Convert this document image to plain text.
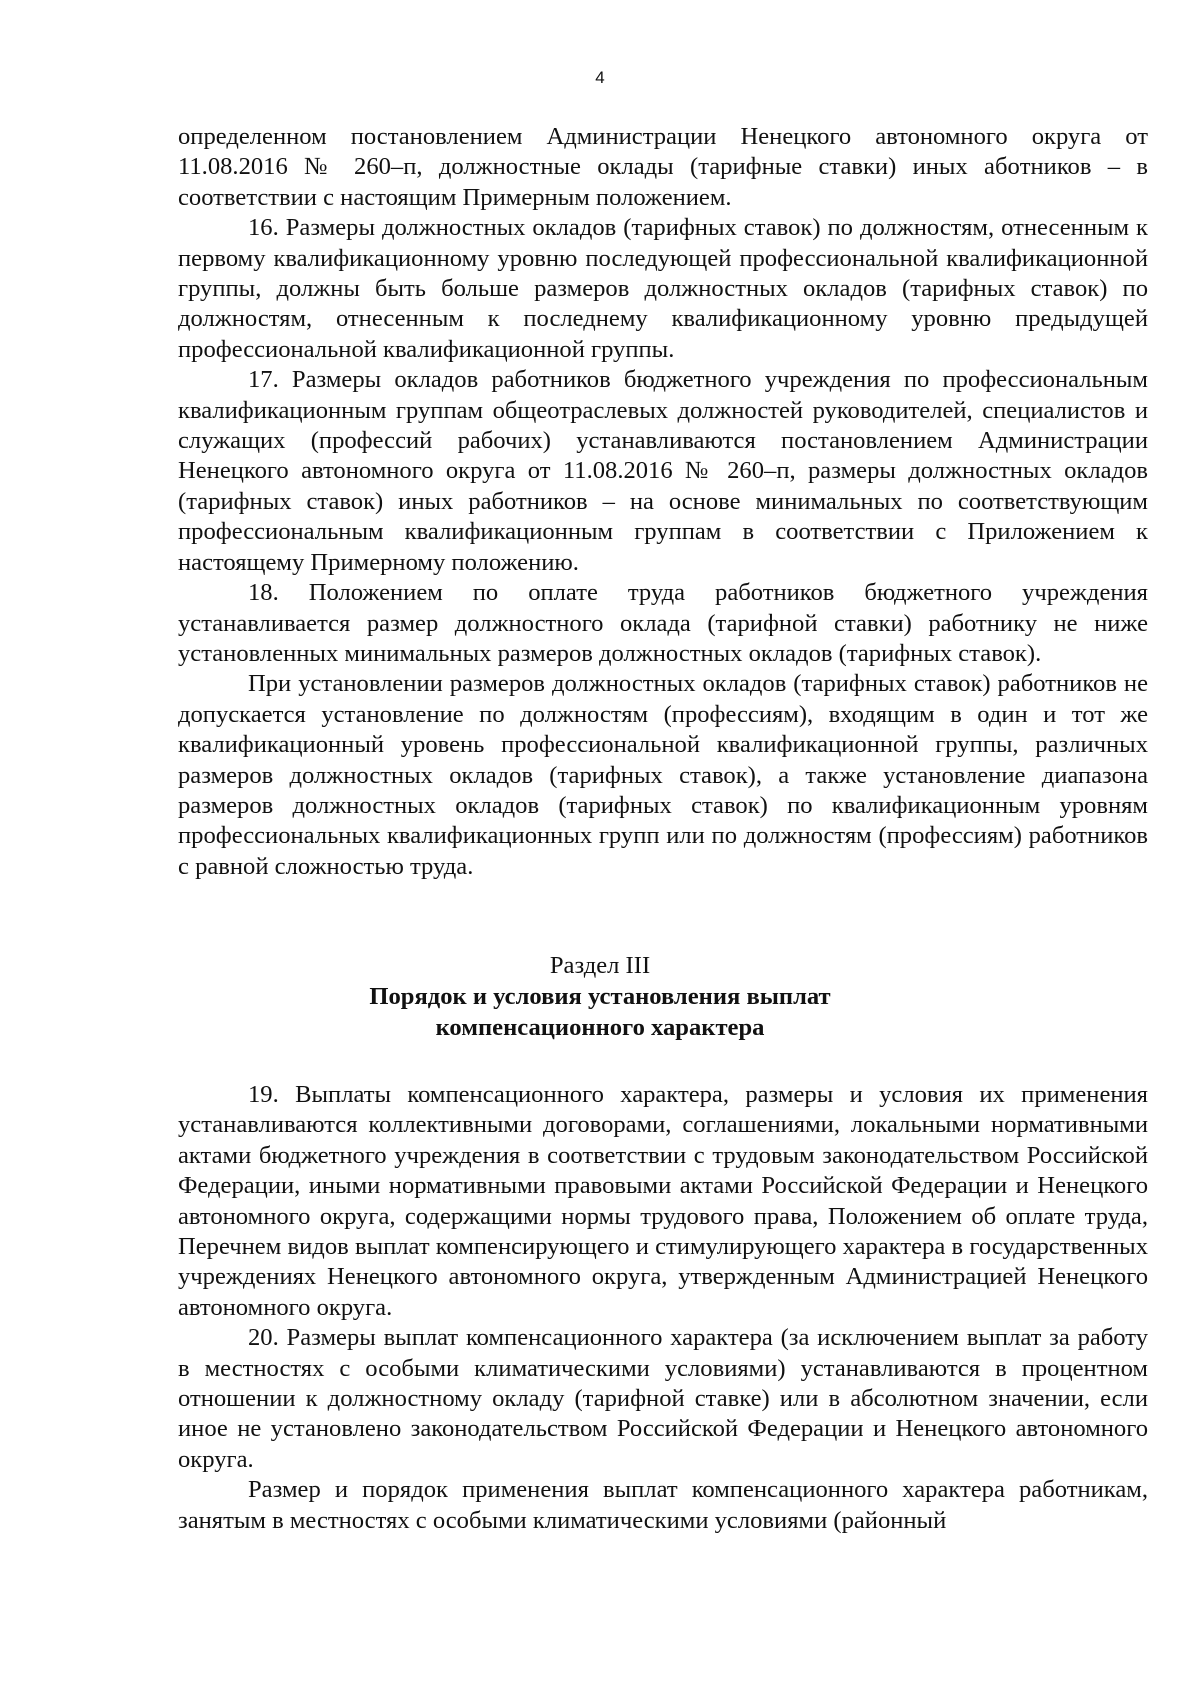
4

определенном постановлением Администрации Ненецкого автономного округа от 11.08.2016 № 260–п, должностные оклады (тарифные ставки) иных абoтников – в соответствии с настоящим Примерным положением.

16. Размеры должностных окладов (тарифных ставок) по должностям, отнесенным к первому квалификационному уровню последующей профессиональной квалификационной группы, должны быть больше размеров должностных окладов (тарифных ставок) по должностям, отнесенным к последнему квалификационному уровню предыдущей профессиональной квалификационной группы.

17. Размеры окладов работников бюджетного учреждения по профессиональным квалификационным группам общеотраслевых должностей руководителей, специалистов и служащих (профессий рабочих) устанавливаются постановлением Администрации Ненецкого автономного округа от 11.08.2016 № 260–п, размеры должностных окладов (тарифных ставок) иных работников – на основе минимальных по соответствующим профессиональным квалификационным группам в соответствии с Приложением к настоящему Примерному положению.

18. Положением по оплате труда работников бюджетного учреждения устанавливается размер должностного оклада (тарифной ставки) работнику не ниже установленных минимальных размеров должностных окладов (тарифных ставок).

При установлении размеров должностных окладов (тарифных ставок) работников не допускается установление по должностям (профессиям), входящим в один и тот же квалификационный уровень профессиональной квалификационной группы, различных размеров должностных окладов (тарифных ставок), а также установление диапазона размеров должностных окладов (тарифных ставок) по квалификационным уровням профессиональных квалификационных групп или по должностям (профессиям) работников с равной сложностью труда.

Раздел III
Порядок и условия установления выплат
компенсационного характера

19. Выплаты компенсационного характера, размеры и условия их применения устанавливаются коллективными договорами, соглашениями, локальными нормативными актами бюджетного учреждения в соответствии с трудовым законодательством Российской Федерации, иными нормативными правовыми актами Российской Федерации и Ненецкого автономного округа, содержащими нормы трудового права, Положением об оплате труда, Перечнем видов выплат компенсирующего и стимулирующего характера в государственных учреждениях Ненецкого автономного округа, утвержденным Администрацией Ненецкого автономного округа.

20. Размеры выплат компенсационного характера (за исключением выплат за работу в местностях с особыми климатическими условиями) устанавливаются в процентном отношении к должностному окладу (тарифной ставке) или в абсолютном значении, если иное не установлено законодательством Российской Федерации и Ненецкого автономного округа.

Размер и порядок применения выплат компенсационного характера работникам, занятым в местностях с особыми климатическими условиями (районный
